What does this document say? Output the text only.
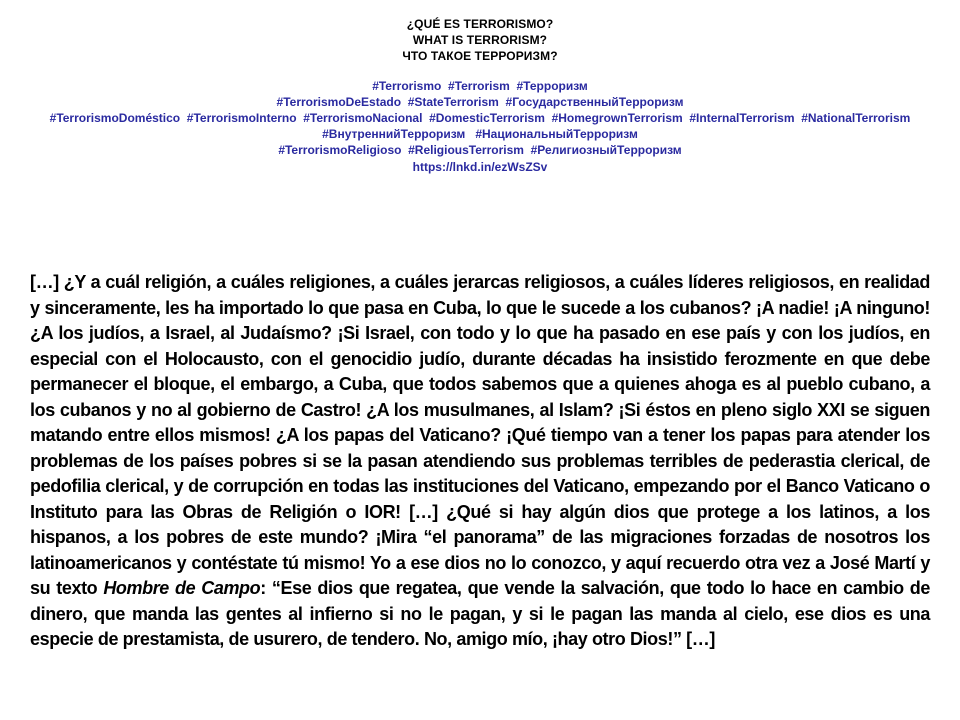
¿QUÉ ES TERRORISMO?
WHAT IS TERRORISM?
ЧТО ТАКОЕ ТЕРРОРИЗМ?
#Terrorismo  #Terrorism  #Терроризм
#TerrorismoDeEstado  #StateTerrorism  #ГосударственныйТерроризм
#TerrorismoDoméstico  #TerrorismoInterno  #TerrorismoNacional  #DomesticTerrorism  #HomegrownTerrorism  #InternalTerrorism  #NationalTerrorism
#ВнутреннийТерроризм   #НациональныйТерроризм
#TerrorismoReligioso  #ReligiousTerrorism  #РелигиозныйТерроризм
https://lnkd.in/ezWsZSv
[…] ¿Y a cuál religión, a cuáles religiones, a cuáles jerarcas religiosos, a cuáles líderes religiosos, en realidad y sinceramente, les ha importado lo que pasa en Cuba, lo que le sucede a los cubanos? ¡A nadie! ¡A ninguno! ¿A los judíos, a Israel, al Judaísmo? ¡Si Israel, con todo y lo que ha pasado en ese país y con los judíos, en especial con el Holocausto, con el genocidio judío, durante décadas ha insistido ferozmente en que debe permanecer el bloque, el embargo, a Cuba, que todos sabemos que a quienes ahoga es al pueblo cubano, a los cubanos y no al gobierno de Castro! ¿A los musulmanes, al Islam? ¡Si éstos en pleno siglo XXI se siguen matando entre ellos mismos! ¿A los papas del Vaticano? ¡Qué tiempo van a tener los papas para atender los problemas de los países pobres si se la pasan atendiendo sus problemas terribles de pederastia clerical, de pedofilia clerical, y de corrupción en todas las instituciones del Vaticano, empezando por el Banco Vaticano o Instituto para las Obras de Religión o IOR! […] ¿Qué si hay algún dios que protege a los latinos, a los hispanos, a los pobres de este mundo? ¡Mira “el panorama” de las migraciones forzadas de nosotros los latinoamericanos y contéstate tú mismo! Yo a ese dios no lo conozco, y aquí recuerdo otra vez a José Martí y su texto Hombre de Campo: “Ese dios que regatea, que vende la salvación, que todo lo hace en cambio de dinero, que manda las gentes al infierno si no le pagan, y si le pagan las manda al cielo, ese dios es una especie de prestamista, de usurero, de tendero. No, amigo mío, ¡hay otro Dios!” […]
